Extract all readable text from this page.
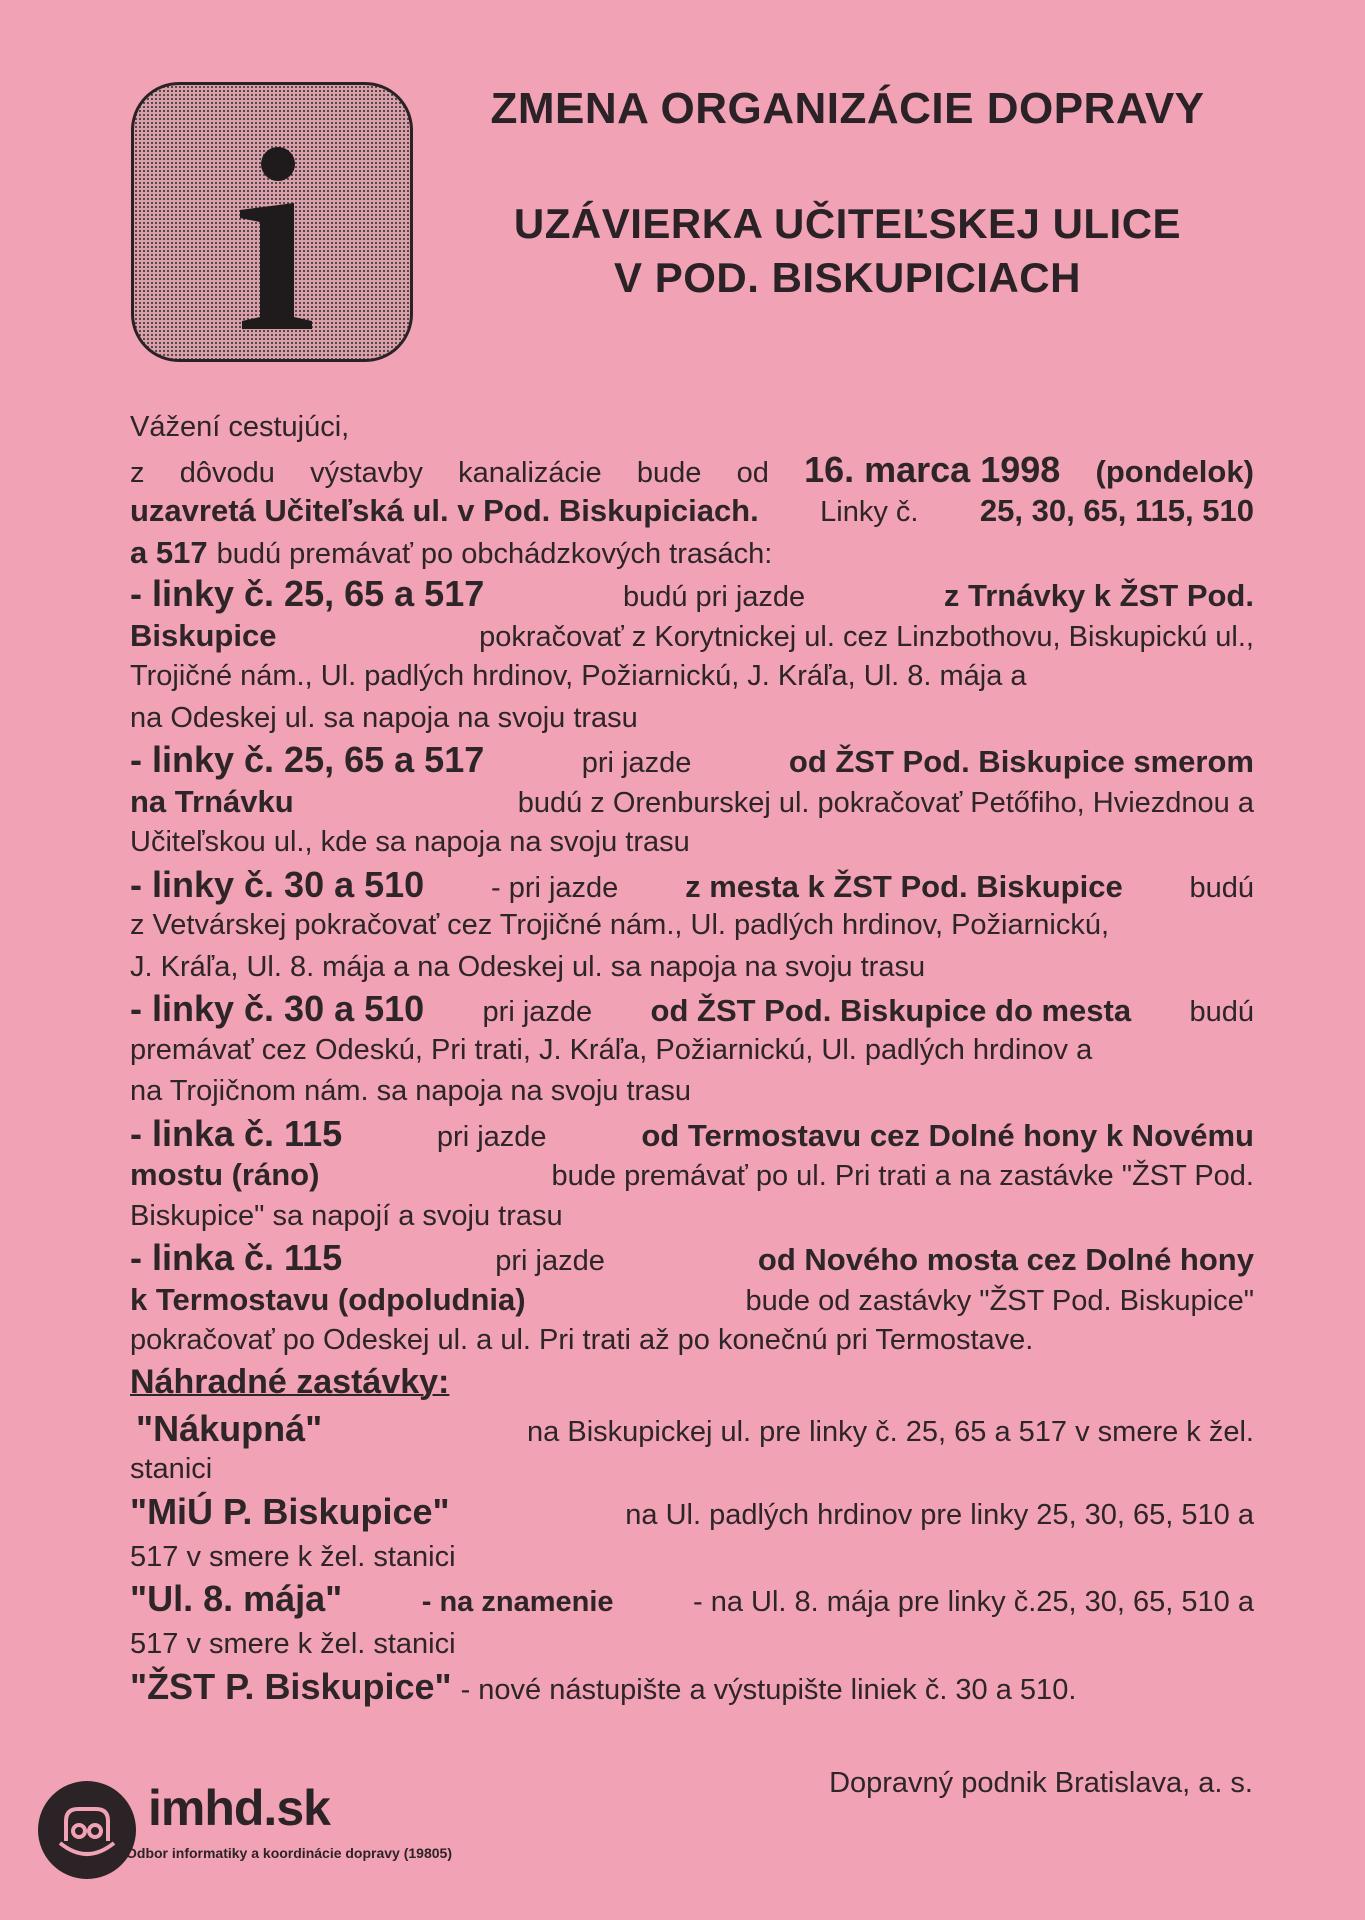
ZMENA ORGANIZÁCIE DOPRAVY
UZÁVIERKA UČITEĽSKEJ ULICE
V POD. BISKUPICIACH
Vážení cestujúci,
z dôvodu výstavby kanalizácie bude od 16. marca 1998 (pondelok)
uzavretá Učiteľská ul. v Pod. Biskupiciach. Linky č. 25, 30, 65, 115, 510
a 517 budú premávať po obchádzkových trasách:
- linky č. 25, 65 a 517	budú pri jazde	z Trnávky k ŽST Pod.
Biskupice	pokračovať z Korytnickej ul. cez Linzbothovu, Biskupickú ul.,
Trojičné nám., Ul. padlých hrdinov, Požiarnickú, J. Kráľa, Ul. 8. mája a
na Odeskej ul. sa napoja na svoju trasu
- linky č. 25, 65 a 517	pri jazde	od ŽST Pod. Biskupice smerom
na Trnávku	budú z Orenburskej ul. pokračovať Petőfiho, Hviezdnou a
Učiteľskou ul., kde sa napoja na svoju trasu
- linky č. 30 a 510 - pri jazde z mesta k ŽST Pod. Biskupice budú
z Vetvárskej pokračovať cez Trojičné nám., Ul. padlých hrdinov, Požiarnickú,
J. Kráľa, Ul. 8. mája a na Odeskej ul. sa napoja na svoju trasu
- linky č. 30 a 510 pri jazde od ŽST Pod. Biskupice do mesta budú
premávať cez Odeskú, Pri trati, J. Kráľa, Požiarnickú, Ul. padlých hrdinov a
na Trojičnom nám. sa napoja na svoju trasu
- linka č. 115	pri jazde	od Termostavu cez Dolné hony k Novému
mostu (ráno)	bude premávať po ul. Pri trati a na zastávke "ŽST Pod.
Biskupice" sa napojí a svoju trasu
- linka č. 115	pri jazde	od Nového mosta cez Dolné hony
k Termostavu (odpoludnia)	bude od zastávky "ŽST Pod. Biskupice"
pokračovať po Odeskej ul. a ul. Pri trati až po konečnú pri Termostave.
Náhradné zastávky:
"Nákupná"	na Biskupickej ul. pre linky č. 25, 65 a 517 v smere k žel.
stanici
"MiÚ P. Biskupice"	na Ul. padlých hrdinov pre linky 25, 30, 65, 510 a
517 v smere k žel. stanici
"Ul. 8. mája"	- na znamenie	- na Ul. 8. mája pre linky č.25, 30, 65, 510 a
517 v smere k žel. stanici
"ŽST P. Biskupice" - nové nástupište a výstupište liniek č. 30 a 510.
Dopravný podnik Bratislava, a. s.
imhd.sk
Odbor informatiky a koordinácie dopravy (19805)
